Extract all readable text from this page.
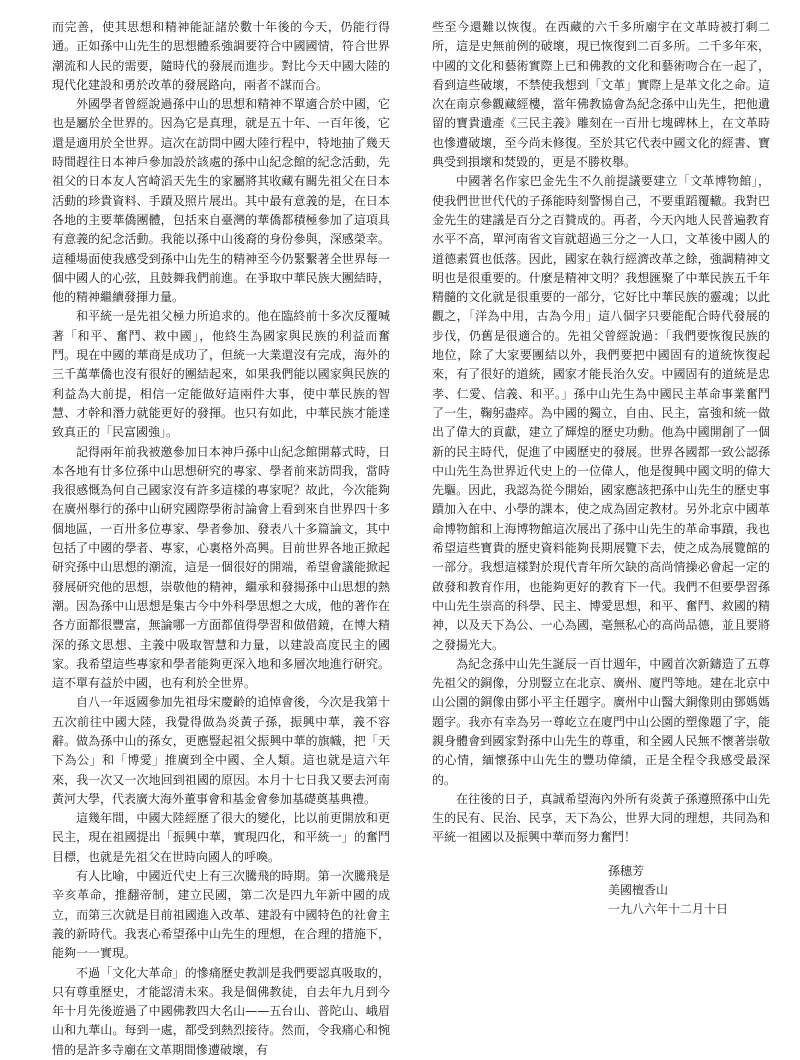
而完善，使其思想和精神能証諸於數十年後的今天，仍能行得通。正如孫中山先生的思想體系強調要符合中國國情，符合世界潮流和人民的需要，隨時代的發展而進步。對比今天中國大陸的現代化建設和勇於改革的發展路向，兩者不謀而合。

外國學者曾經說過孫中山的思想和精神不單適合於中國，它也是屬於全世界的。因為它是真理，就是五十年、一百年後，它還是適用於全世界。這次在訪問中國大陸行程中，特地抽了幾天時間趕往日本神戶參加設於該處的孫中山紀念館的紀念活動，先祖父的日本友人宮崎滔天先生的家屬將其收藏有關先祖父在日本活動的珍貴資料、手蹟及照片展出。其中最有意義的是，在日本各地的主要華僑團體，包括來自臺灣的華僑都積極參加了這項具有意義的紀念活動。我能以孫中山後裔的身份參與，深感榮幸。這種場面使我感受到孫中山先生的精神至今仍緊繫著全世界每一個中國人的心弦，且鼓舞我們前進。在爭取中華民族大團結時，他的精神繼續發揮力量。

和平統一是先祖父極力所追求的。他在臨終前十多次反覆喊著「和平、奮鬥、救中國」，他終生為國家與民族的利益而奮鬥。現在中國的華商是成功了，但統一大業還沒有完成，海外的三千萬華僑也沒有很好的團結起來，如果我們能以國家與民族的利益為大前提，相信一定能做好這兩件大事，使中華民族的智慧、才幹和潛力就能更好的發揮。也只有如此，中華民族才能達致真正的「民富國強」。

記得兩年前我被邀參加日本神戶孫中山紀念館開幕式時，日本各地有廿多位孫中山思想研究的專家、學者前來訪問我，當時我很感慨為何自己國家沒有許多這樣的專家呢？故此，今次能夠在廣州舉行的孫中山研究國際學術討論會上看到來自世界四十多個地區，一百卅多位專家、學者參加、發表八十多篇論文，其中包括了中國的學者、專家，心裏格外高興。目前世界各地正掀起研究孫中山思想的潮流，這是一個很好的開端，希望會議能掀起發展研究他的思想，崇敬他的精神，繼承和發揚孫中山思想的熱潮。因為孫中山思想是集古今中外科學思想之大成，他的著作在各方面都很豐富，無論哪一方面都值得學習和做借鏡，在博大精深的孫文思想、主義中吸取智慧和力量，以建設高度民主的國家。我希望這些專家和學者能夠更深入地和多層次地進行研究。這不單有益於中國，也有利於全世界。

自八一年返國參加先祖母宋慶齡的追悼會後，今次是我第十五次前往中國大陸，我覺得做為炎黃子孫，振興中華，義不容辭。做為孫中山的孫女，更應豎起祖父振興中華的旗幟，把「天下為公」和「博愛」推廣到全中國、全人類。這也就是這六年來，我一次又一次地回到祖國的原因。本月十七日我又要去河南黃河大學，代表廣大海外董事會和基金會參加基礎奠基典禮。

這幾年間，中國大陸經歷了很大的變化，比以前更開放和更民主，現在祖國提出「振興中華，實現四化，和平統一」的奮鬥目標，也就是先祖父在世時向國人的呼喚。

有人比喻，中國近代史上有三次騰飛的時期。第一次騰飛是辛亥革命，推翻帝制，建立民國，第二次是四九年新中國的成立，而第三次就是目前祖國進入改革、建設有中國特色的社會主義的新時代。我衷心希望孫中山先生的理想，在合理的措施下，能夠一一實現。

不過「文化大革命」的慘痛歷史教訓是我們要認真吸取的，只有尊重歷史，才能認清未來。我是個佛教徒，自去年九月到今年十月先後遊過了中國佛教四大名山——五台山、普陀山、峨眉山和九華山。每到一處，都受到熱烈接待。然而，令我痛心和惋惜的是許多寺廟在文革期間慘遭破壞，有

些至今還難以恢復。在西藏的六千多所廟宇在文革時被打剩二所，這是史無前例的破壞，現已恢復到二百多所。二千多年來，中國的文化和藝術實際上已和佛教的文化和藝術吻合在一起了，看到這些破壞，不禁使我想到「文革」實際上是革文化之命。這次在南京參觀藏經樓，當年佛教協會為紀念孫中山先生，把他遺留的寶貴遺產《三民主義》雕刻在一百卅七塊碑林上，在文革時也慘遭破壞，至今尚未修復。至於其它代表中國文化的經書、寶典受到損壞和焚毀的，更是不勝枚舉。

中國著名作家巴金先生不久前提議要建立「文革博物館」，使我們世世代代的子孫能時刻警惕自己，不要重蹈覆轍。我對巴金先生的建議是百分之百贊成的。再者，今天內地人民普遍教育水平不高，單河南省文盲就超過三分之一人口，文革後中國人的道德素質也低落。因此，國家在執行經濟改革之餘，強調精神文明也是很重要的。什麼是精神文明？我想匯聚了中華民族五千年精髓的文化就是很重要的一部分，它好比中華民族的靈魂；以此觀之，「洋為中用，古為今用」這八個字只要能配合時代發展的步伐，仍舊是很適合的。先祖父曾經說過：「我們要恢復民族的地位，除了大家要團結以外，我們要把中國固有的道統恢復起來，有了很好的道統，國家才能長治久安。中國固有的道統是忠孝、仁愛、信義、和平。」孫中山先生為中國民主革命事業奮鬥了一生，鞠躬盡瘁。為中國的獨立，自由、民主，富強和統一做出了偉大的貢獻，建立了輝煌的歷史功勳。他為中國開創了一個新的民主時代，促進了中國歷史的發展。世界各國都一致公認孫中山先生為世界近代史上的一位偉人，他是復興中國文明的偉大先驅。因此，我認為從今開始，國家應該把孫中山先生的歷史事蹟加入在中、小學的課本，使之成為固定教材。另外北京中國革命博物館和上海博物館這次展出了孫中山先生的革命事蹟，我也希望這些寶貴的歷史資料能夠長期展覽下去，使之成為展覽館的一部分。我想這樣對於現代青年所欠缺的高尚情操必會起一定的啟發和教育作用，也能夠更好的教育下一代。我們不但要學習孫中山先生崇高的科學、民主、博愛思想，和平、奮鬥、救國的精神，以及天下為公、一心為國，毫無私心的高尚品德，並且要將之發揚光大。

為紀念孫中山先生誕辰一百廿週年，中國首次新鑄造了五尊先祖父的銅像，分別豎立在北京、廣州、廈門等地。建在北京中山公園的銅像由鄧小平主任題字。廣州中山醫大銅像則由鄧媽媽題字。我亦有幸為另一尊屹立在廈門中山公園的塑像題了字，能親身體會到國家對孫中山先生的尊重，和全國人民無不懷著崇敬的心情，緬懷孫中山先生的豐功偉績，正是全程令我感受最深的。

在往後的日子，真誠希望海內外所有炎黃子孫遵照孫中山先生的民有、民治、民享，天下為公，世界大同的理想，共同為和平統一祖國以及振興中華而努力奮鬥！

孫穗芳
美國檀香山
一九八六年十二月十日
